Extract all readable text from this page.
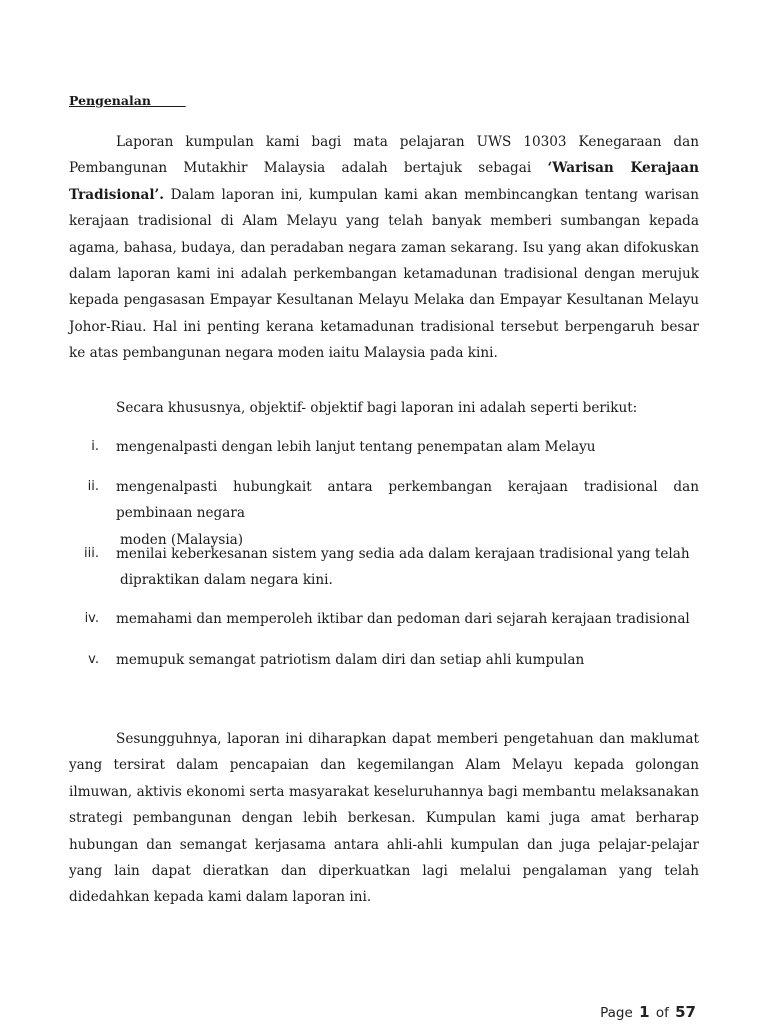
Pengenalan

Laporan kumpulan kami bagi mata pelajaran UWS 10303 Kenegaraan dan Pembangunan Mutakhir Malaysia adalah bertajuk sebagai ‘Warisan Kerajaan Tradisional’. Dalam laporan ini, kumpulan kami akan membincangkan tentang warisan kerajaan tradisional di Alam Melayu yang telah banyak memberi sumbangan kepada agama, bahasa, budaya, dan peradaban negara zaman sekarang. Isu yang akan difokuskan dalam laporan kami ini adalah perkembangan ketamadunan tradisional dengan merujuk kepada pengasasan Empayar Kesultanan Melayu Melaka dan Empayar Kesultanan Melayu Johor-Riau. Hal ini penting kerana ketamadunan tradisional tersebut berpengaruh besar ke atas pembangunan negara moden iaitu Malaysia pada kini.

Secara khususnya, objektif- objektif bagi laporan ini adalah seperti berikut:

i. mengenalpasti dengan lebih lanjut tentang penempatan alam Melayu

ii. mengenalpasti hubungkait antara perkembangan kerajaan tradisional dan pembinaan negara
moden (Malaysia)

iii. menilai keberkesanan sistem yang sedia ada dalam kerajaan tradisional yang telah
dipraktikan dalam negara kini.

iv. memahami dan memperoleh iktibar dan pedoman dari sejarah kerajaan tradisional

v. memupuk semangat patriotism dalam diri dan setiap ahli kumpulan

Sesungguhnya, laporan ini diharapkan dapat memberi pengetahuan dan maklumat yang tersirat dalam pencapaian dan kegemilangan Alam Melayu kepada golongan ilmuwan, aktivis ekonomi serta masyarakat keseluruhannya bagi membantu melaksanakan strategi pembangunan dengan lebih berkesan. Kumpulan kami juga amat berharap hubungan dan semangat kerjasama antara ahli-ahli kumpulan dan juga pelajar-pelajar yang lain dapat dieratkan dan diperkuatkan lagi melalui pengalaman yang telah didedahkan kepada kami dalam laporan ini.

Page 1 of 57
